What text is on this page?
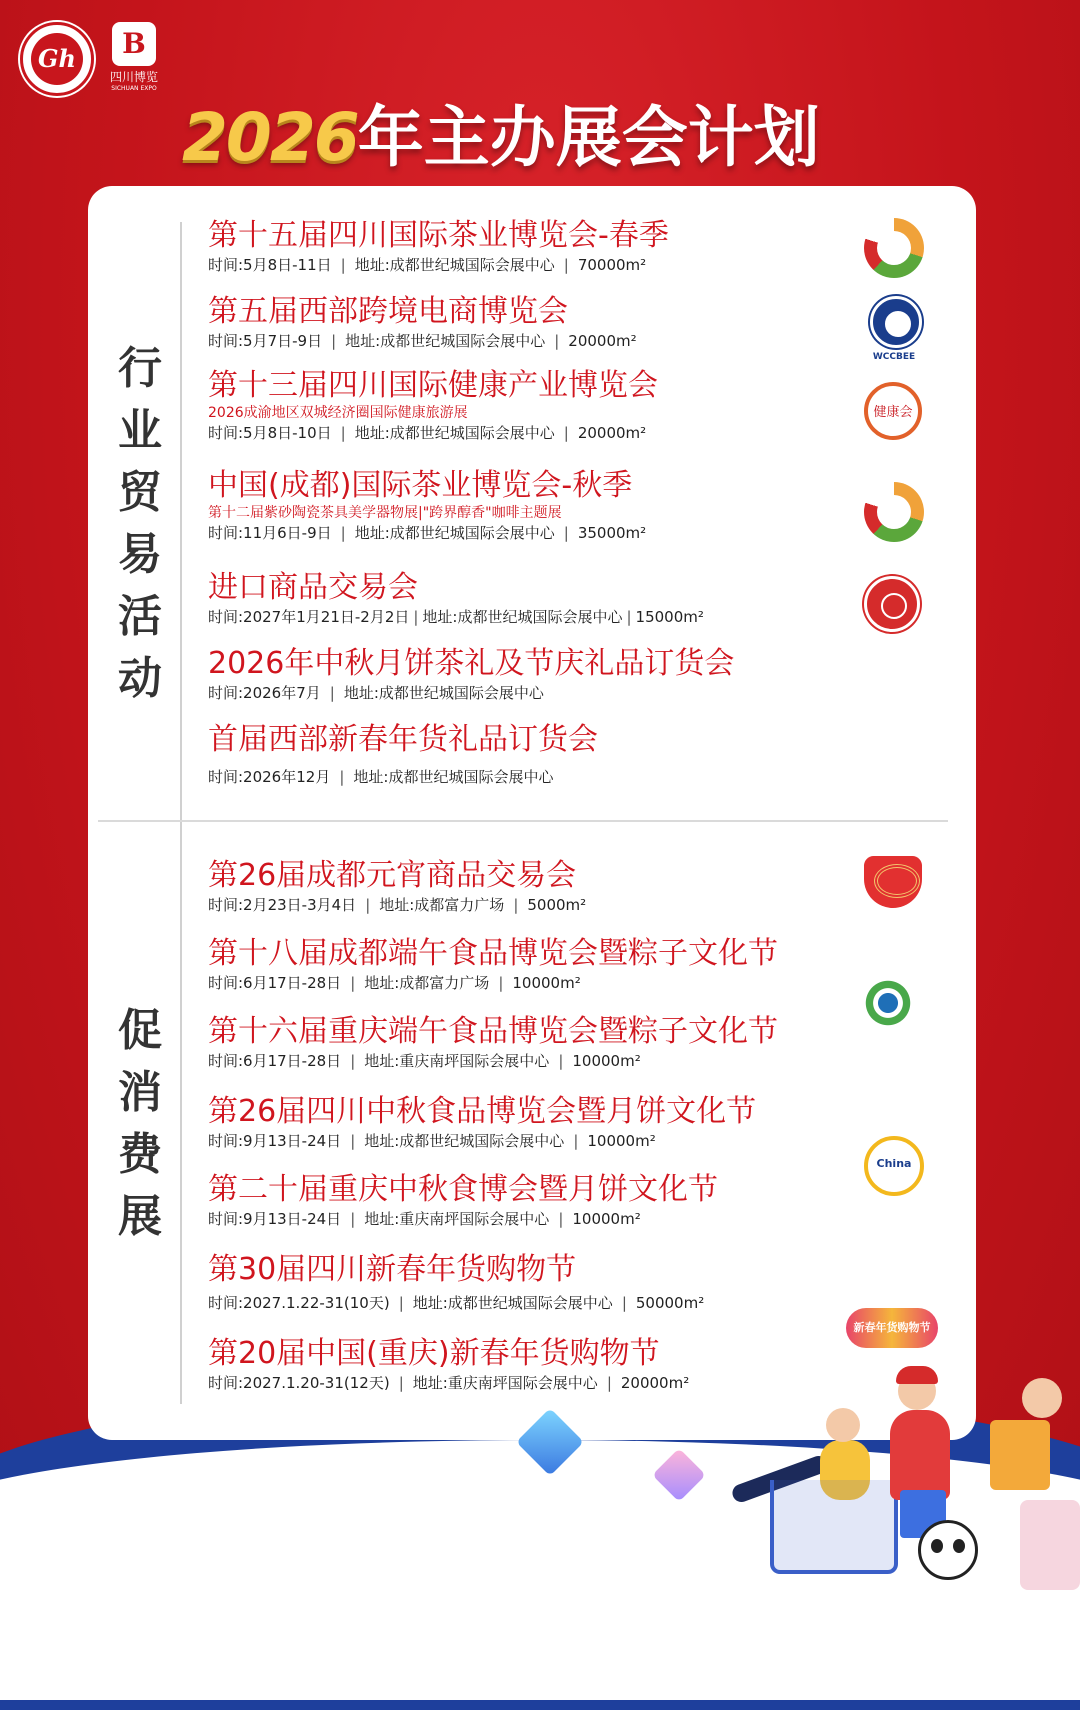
Gh	B
四川博览
SICHUAN EXPO
2026年主办展会计划
行
业
贸
易
活
动
促
消
费
展
第十五届四川国际茶业博览会-春季
时间:5月8日-11日 | 地址:成都世纪城国际会展中心 | 70000m²
第五届西部跨境电商博览会
时间:5月7日-9日 | 地址:成都世纪城国际会展中心 | 20000m²
第十三届四川国际健康产业博览会
2026成渝地区双城经济圈国际健康旅游展
时间:5月8日-10日 | 地址:成都世纪城国际会展中心 | 20000m²
中国(成都)国际茶业博览会-秋季
第十二届紫砂陶瓷茶具美学器物展|"跨界醇香"咖啡主题展
时间:11月6日-9日 | 地址:成都世纪城国际会展中心 | 35000m²
进口商品交易会
时间:2027年1月21日-2月2日 | 地址:成都世纪城国际会展中心 | 15000m²
2026年中秋月饼茶礼及节庆礼品订货会
时间:2026年7月 | 地址:成都世纪城国际会展中心
首届西部新春年货礼品订货会
时间:2026年12月 | 地址:成都世纪城国际会展中心
第26届成都元宵商品交易会
时间:2月23日-3月4日 | 地址:成都富力广场 | 5000m²
第十八届成都端午食品博览会暨粽子文化节
时间:6月17日-28日 | 地址:成都富力广场 | 10000m²
第十六届重庆端午食品博览会暨粽子文化节
时间:6月17日-28日 | 地址:重庆南坪国际会展中心 | 10000m²
第26届四川中秋食品博览会暨月饼文化节
时间:9月13日-24日 | 地址:成都世纪城国际会展中心 | 10000m²
第二十届重庆中秋食博会暨月饼文化节
时间:9月13日-24日 | 地址:重庆南坪国际会展中心 | 10000m²
第30届四川新春年货购物节
时间:2027.1.22-31(10天) | 地址:成都世纪城国际会展中心 | 50000m²
第20届中国(重庆)新春年货购物节
时间:2027.1.20-31(12天) | 地址:重庆南坪国际会展中心 | 20000m²
WCCBEE
健康会
China
新春年货购物节
